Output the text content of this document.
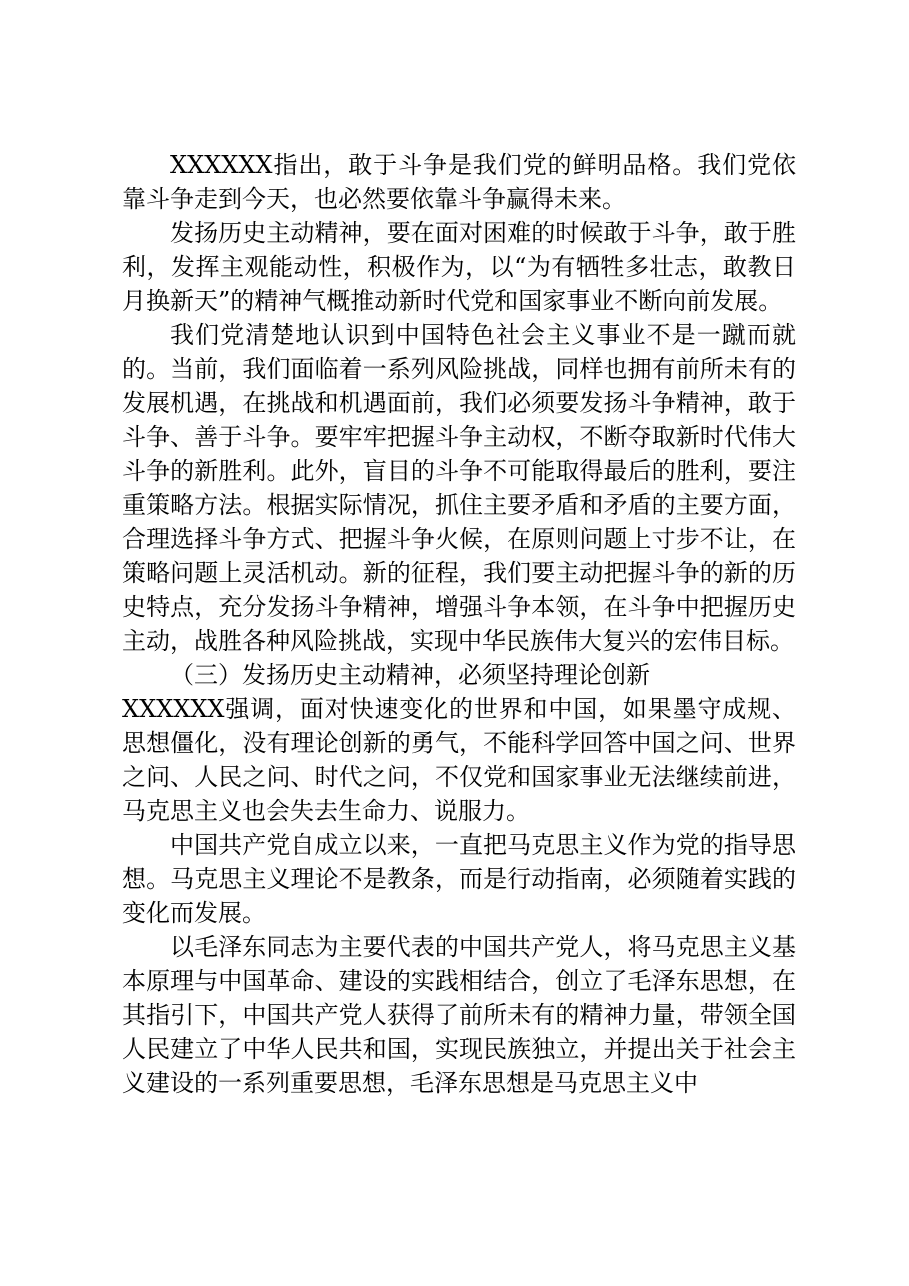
XXXXXX指出，敢于斗争是我们党的鲜明品格。我们党依靠斗争走到今天，也必然要依靠斗争赢得未来。

发扬历史主动精神，要在面对困难的时候敢于斗争，敢于胜利，发挥主观能动性，积极作为，以“为有牺牲多壮志，敢教日月换新天”的精神气概推动新时代党和国家事业不断向前发展。

我们党清楚地认识到中国特色社会主义事业不是一蹴而就的。当前，我们面临着一系列风险挑战，同样也拥有前所未有的发展机遇，在挑战和机遇面前，我们必须要发扬斗争精神，敢于斗争、善于斗争。要牢牢把握斗争主动权，不断夺取新时代伟大斗争的新胜利。此外，盲目的斗争不可能取得最后的胜利，要注重策略方法。根据实际情况，抓住主要矛盾和矛盾的主要方面，合理选择斗争方式、把握斗争火候，在原则问题上寸步不让，在策略问题上灵活机动。新的征程，我们要主动把握斗争的新的历史特点，充分发扬斗争精神，增强斗争本领，在斗争中把握历史主动，战胜各种风险挑战，实现中华民族伟大复兴的宏伟目标。

（三）发扬历史主动精神，必须坚持理论创新

XXXXXX强调，面对快速变化的世界和中国，如果墨守成规、思想僵化，没有理论创新的勇气，不能科学回答中国之问、世界之问、人民之问、时代之问，不仅党和国家事业无法继续前进，马克思主义也会失去生命力、说服力。

中国共产党自成立以来，一直把马克思主义作为党的指导思想。马克思主义理论不是教条，而是行动指南，必须随着实践的变化而发展。

以毛泽东同志为主要代表的中国共产党人，将马克思主义基本原理与中国革命、建设的实践相结合，创立了毛泽东思想，在其指引下，中国共产党人获得了前所未有的精神力量，带领全国人民建立了中华人民共和国，实现民族独立，并提出关于社会主义建设的一系列重要思想，毛泽东思想是马克思主义中
